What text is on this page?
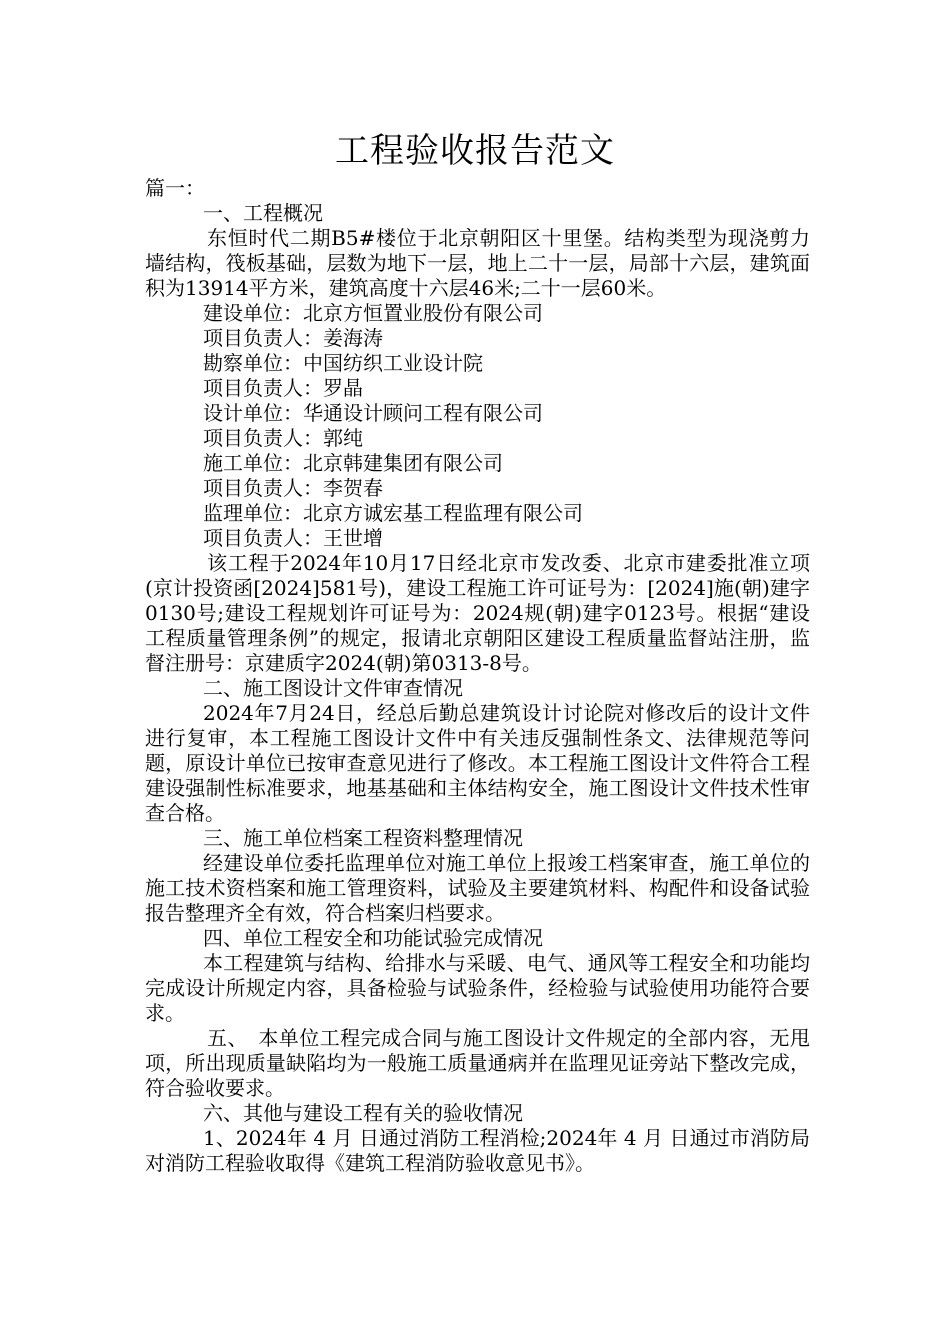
工程验收报告范文

篇一：

一、工程概况

东恒时代二期B5#楼位于北京朝阳区十里堡。结构类型为现浇剪力墙结构，筏板基础，层数为地下一层，地上二十一层，局部十六层，建筑面积为13914平方米，建筑高度十六层46米;二十一层60米。

建设单位：北京方恒置业股份有限公司

项目负责人：姜海涛

勘察单位：中国纺织工业设计院

项目负责人：罗晶

设计单位：华通设计顾问工程有限公司

项目负责人：郭纯

施工单位：北京韩建集团有限公司

项目负责人：李贺春

监理单位：北京方诚宏基工程监理有限公司

项目负责人：王世增

该工程于2024年10月17日经北京市发改委、北京市建委批准立项(京计投资函[2024]581号)，建设工程施工许可证号为：[2024]施(朝)建字0130号;建设工程规划许可证号为：2024规(朝)建字0123号。根据“建设工程质量管理条例”的规定，报请北京朝阳区建设工程质量监督站注册，监督注册号：京建质字2024(朝)第0313-8号。

二、施工图设计文件审查情况

2024年7月24日，经总后勤总建筑设计讨论院对修改后的设计文件进行复审，本工程施工图设计文件中有关违反强制性条文、法律规范等问题，原设计单位已按审查意见进行了修改。本工程施工图设计文件符合工程建设强制性标准要求，地基基础和主体结构安全，施工图设计文件技术性审查合格。

三、施工单位档案工程资料整理情况

经建设单位委托监理单位对施工单位上报竣工档案审查，施工单位的施工技术资档案和施工管理资料，试验及主要建筑材料、构配件和设备试验报告整理齐全有效，符合档案归档要求。

四、单位工程安全和功能试验完成情况

本工程建筑与结构、给排水与采暖、电气、通风等工程安全和功能均完成设计所规定内容，具备检验与试验条件，经检验与试验使用功能符合要求。

五、　本单位工程完成合同与施工图设计文件规定的全部内容，无甩项，所出现质量缺陷均为一般施工质量通病并在监理见证旁站下整改完成，符合验收要求。

六、其他与建设工程有关的验收情况

1、2024年 4 月 日通过消防工程消检;2024年 4 月 日通过市消防局对消防工程验收取得《建筑工程消防验收意见书》。
